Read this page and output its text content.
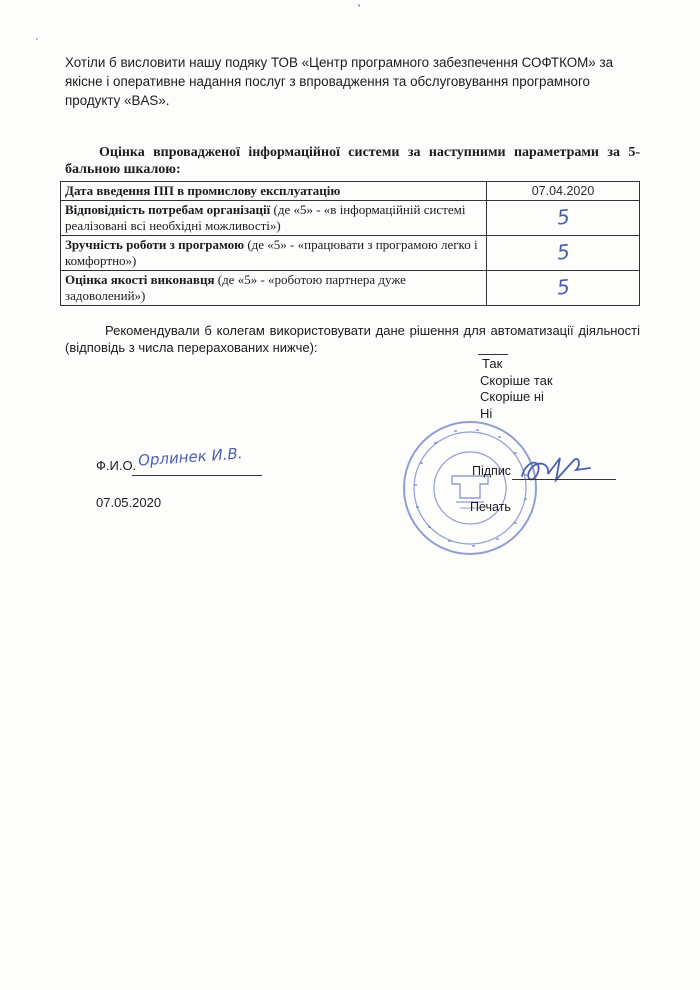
Хотіли б висловити нашу подяку ТОВ «Центр програмного забезпечення СОФТКОМ» за якісне і оперативне надання послуг з впровадження та обслуговування програмного продукту «BAS».

Оцінка впровадженої інформаційної системи за наступними параметрами за 5-бальною шкалою:

Дата введення ПП в промислову експлуатацію	07.04.2020
Відповідність потребам організації (де «5» - «в інформаційній системі реалізовані всі необхідні можливості»)	5
Зручність роботи з програмою (де «5» - «працювати з програмою легко і комфортно»)	5
Оцінка якості виконавця (де «5» - «роботою партнера дуже задоволений»)	5

Рекомендували б колегам використовувати дане рішення для автоматизації діяльності (відповідь з числа перерахованих нижче):

Так
Скоріше так
Скоріше ні
Ні
Ф.И.О. Орлинек И.В.
07.05.2020
Підпис
Печать
